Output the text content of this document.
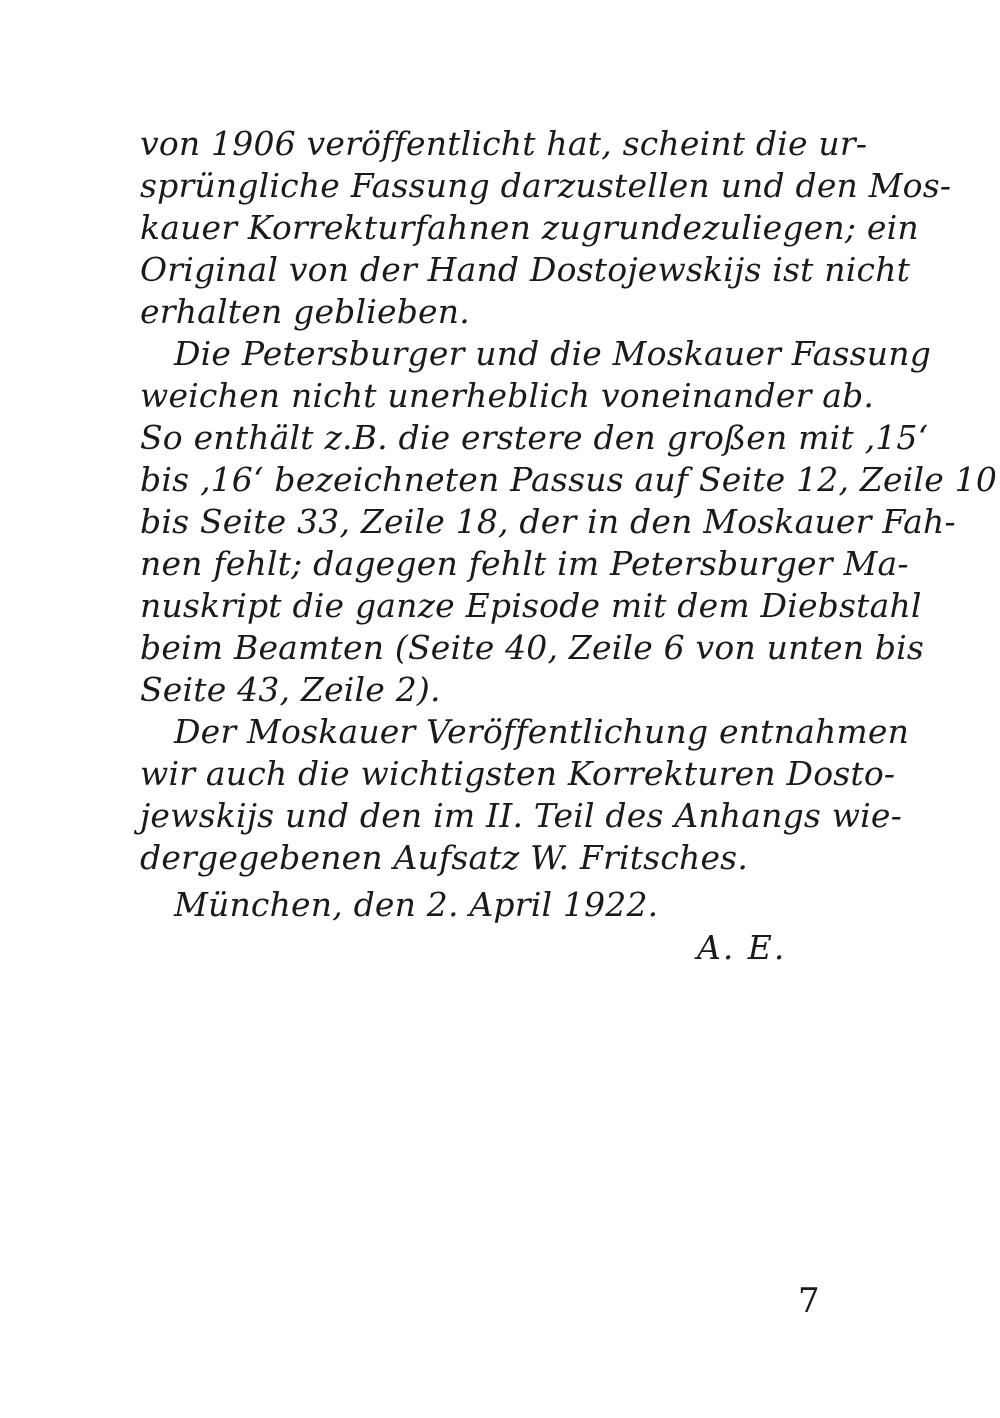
von 1906 veröffentlicht hat, scheint die ur-
sprüngliche Fassung darzustellen und den Mos-
kauer Korrekturfahnen zugrundezuliegen; ein
Original von der Hand Dostojewskijs ist nicht
erhalten geblieben.
Die Petersburger und die Moskauer Fassung
weichen nicht unerheblich voneinander ab.
So enthält z.B. die erstere den großen mit ‚15‘
bis ‚16‘ bezeichneten Passus auf Seite 12, Zeile 10
bis Seite 33, Zeile 18, der in den Moskauer Fah-
nen fehlt; dagegen fehlt im Petersburger Ma-
nuskript die ganze Episode mit dem Diebstahl
beim Beamten (Seite 40, Zeile 6 von unten bis
Seite 43, Zeile 2).
Der Moskauer Veröffentlichung entnahmen
wir auch die wichtigsten Korrekturen Dosto-
jewskijs und den im II. Teil des Anhangs wie-
dergegebenen Aufsatz W. Fritsches.
München, den 2. April 1922.
A. E.
7
